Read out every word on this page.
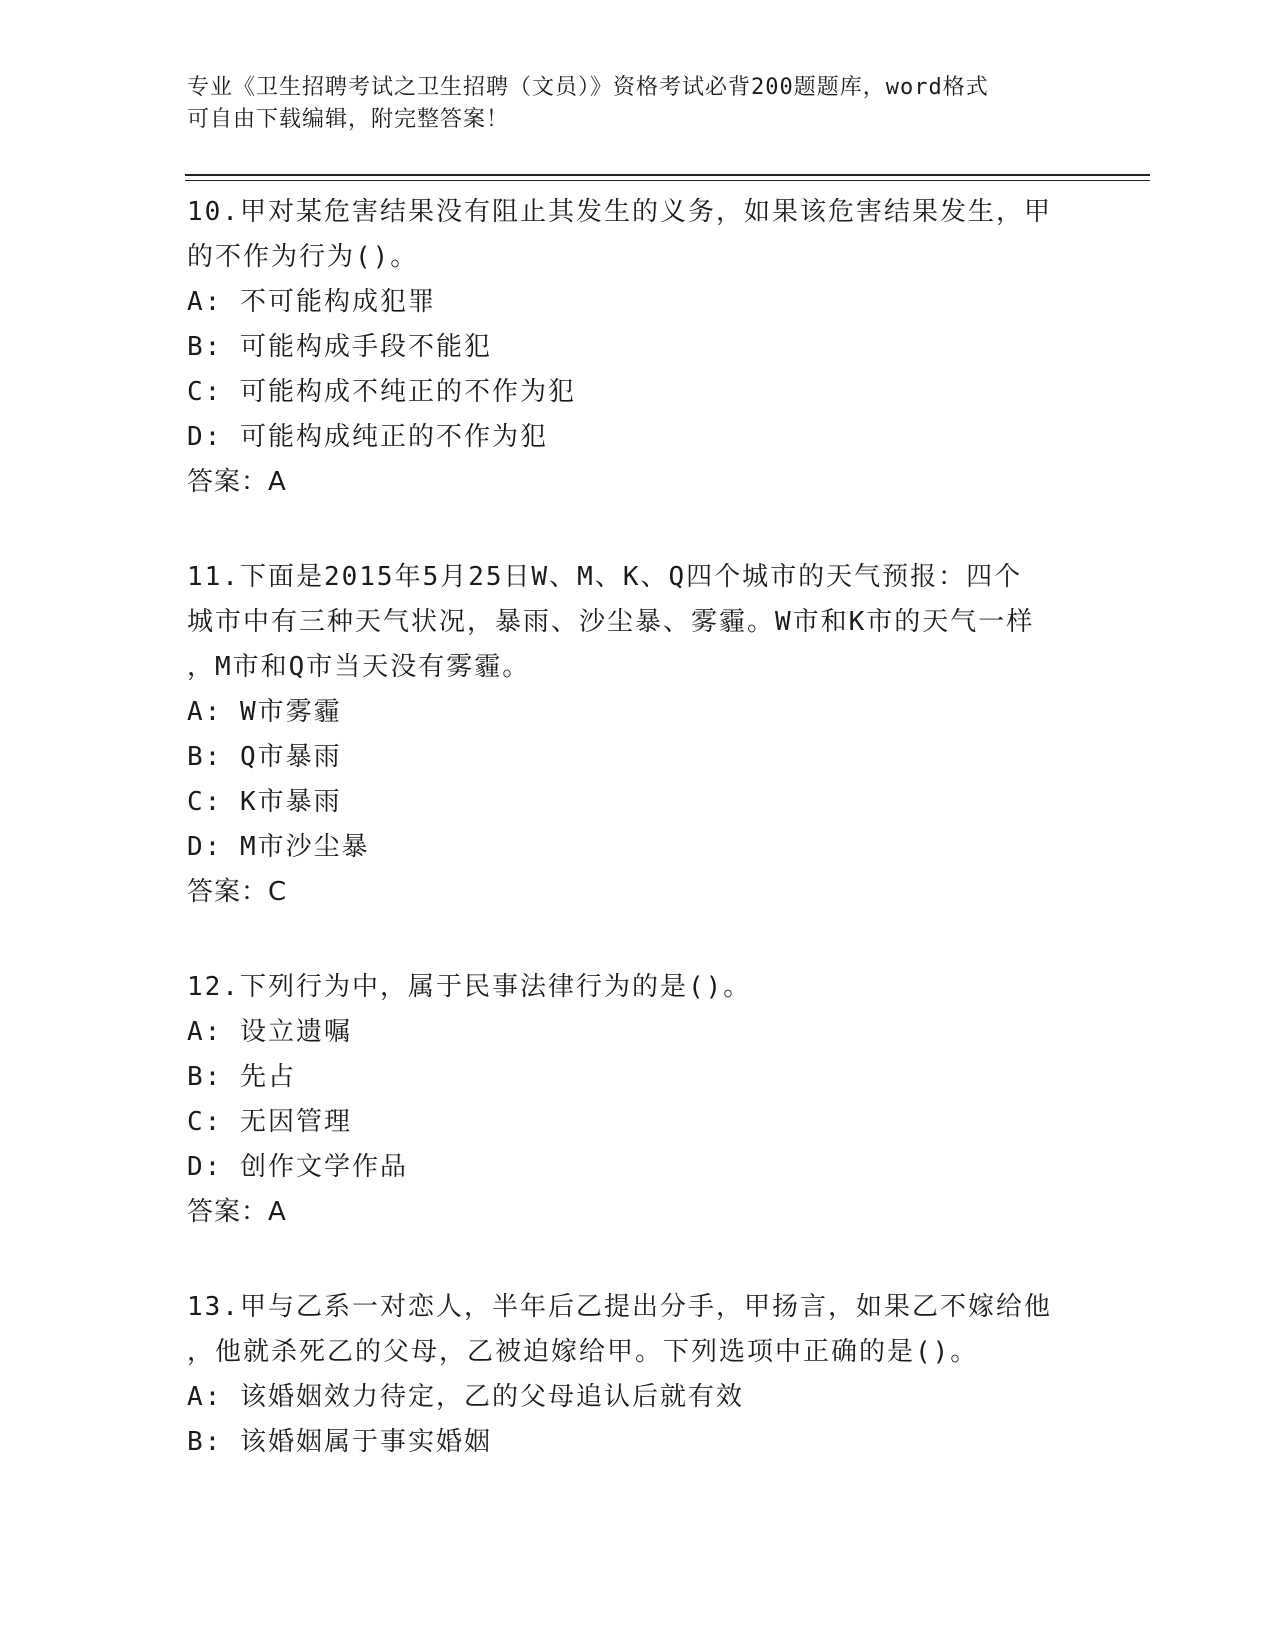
专业《卫生招聘考试之卫生招聘（文员）》资格考试必背200题题库，word格式
可自由下载编辑，附完整答案！

10.甲对某危害结果没有阻止其发生的义务，如果该危害结果发生，甲

的不作为行为()。

A: 不可能构成犯罪

B: 可能构成手段不能犯

C: 可能构成不纯正的不作为犯

D: 可能构成纯正的不作为犯

答案：A

11.下面是2015年5月25日W、M、K、Q四个城市的天气预报：四个

城市中有三种天气状况，暴雨、沙尘暴、雾霾。W市和K市的天气一样

，M市和Q市当天没有雾霾。

A: W市雾霾

B: Q市暴雨

C: K市暴雨

D: M市沙尘暴

答案：C

12.下列行为中，属于民事法律行为的是()。

A: 设立遗嘱

B: 先占

C: 无因管理

D: 创作文学作品

答案：A

13.甲与乙系一对恋人，半年后乙提出分手，甲扬言，如果乙不嫁给他

，他就杀死乙的父母，乙被迫嫁给甲。下列选项中正确的是()。

A: 该婚姻效力待定，乙的父母追认后就有效

B: 该婚姻属于事实婚姻
